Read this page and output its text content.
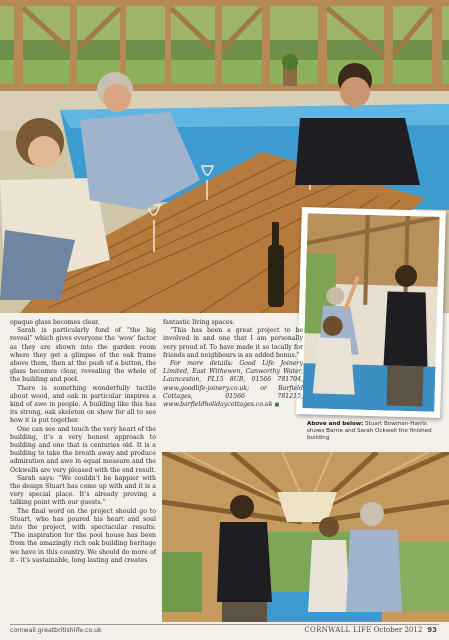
opaque glass becomes clear.

Sarah is particularly fond of “the big reveal” which gives everyone the ‘wow’ factor as they are shown into the garden room where they get a glimpse of the oak frame above them, then at the push of a button, the glass becomes clear, revealing the whole of the building and pool.

There is something wonderfully tactile about wood, and oak in particular inspires a kind of awe in people. A building like this has its strong, oak skeleton on show for all to see how it is put together.

One can see and touch the very heart of the building, it’s a very honest approach to building and one that is centuries old. It is a building to take the breath away and produce admiration and awe in equal measure and the Ockwells are very pleased with the end result.

Sarah says: “We couldn’t be happier with the design Stuart has come up with and it is a very special place. It’s already proving a talking point with our guests.”

The final word on the project should go to Stuart, who has poured his heart and soul into the project, with spectacular results: “The inspiration for the pool house has been from the amazingly rich oak building heritage we have in this country. We should do more of it - it’s sustainable, long lasting and creates

fantastic living spaces.

“This has been a great project to be involved in and one that I am personally very proud of. To have made it so locally for friends and neighbours is an added bonus.”

For more details: Good Life Joinery Limited, East Withewen, Canworthy Water, Launceston, PL15 8UB, 01566 781704, www.goodlife-joinery.co.uk; or Barfield Cottages, 01566 781215, www.barfieldholidaycottages.co.uk ■

Above and below: Stuart Bowman-Harris shows Barrie and Sarah Ockwell the finished building
cornwall.greatbritishlife.co.uk	CORNWALL LIFE October 2012 93
